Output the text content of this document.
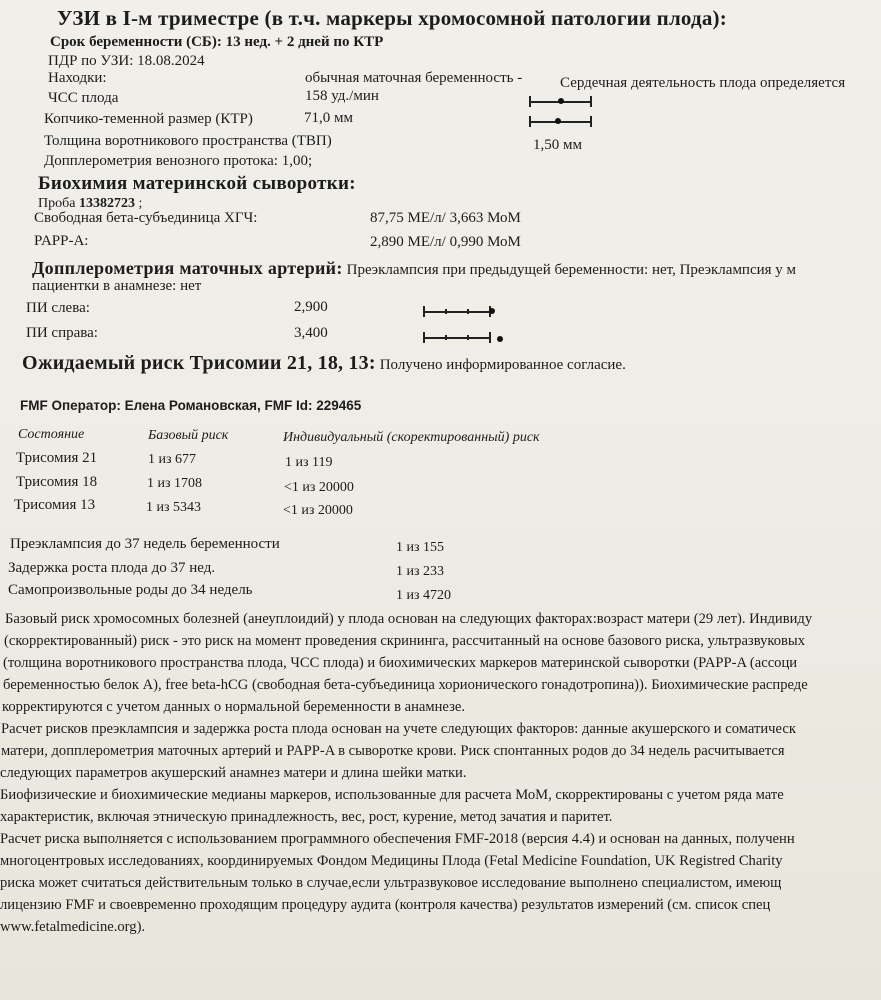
УЗИ в I-м триместре (в т.ч. маркеры хромосомной патологии плода):
Срок беременности (СБ): 13 нед. + 2 дней по КТР
ПДР по УЗИ: 18.08.2024
Находки:	обычная маточная беременность -	Сердечная деятельность плода определяется
ЧСС плода	158 уд./мин
Копчико-теменной размер (КТР)	71,0 мм
Толщина воротникового пространства (ТВП)	1,50 мм
Допплерометрия венозного протока: 1,00;
Биохимия материнской сыворотки:
Проба 13382723 ;
Свободная бета-субъединица ХГЧ:	87,75 МЕ/л/ 3,663 МоМ
PAPP-A:	2,890 МЕ/л/ 0,990 МоМ
Допплерометрия маточных артерий: Преэклампсия при предыдущей беременности: нет, Преэклампсия у м
пациентки в анамнезе: нет
ПИ слева:	2,900
ПИ справа:	3,400
Ожидаемый риск Трисомии 21, 18, 13: Получено информированное согласие.
FMF Оператор: Елена Романовская, FMF Id: 229465
Состояние	Базовый риск	Индивидуальный (скоректированный) риск
Трисомия 21	1 из 677	1 из 119
Трисомия 18	1 из 1708	<1 из 20000
Трисомия 13	1 из 5343	<1 из 20000
Преэклампсия до 37 недель беременности	1 из 155
Задержка роста плода до 37 нед.	1 из 233
Самопроизвольные роды до 34 недель	1 из 4720
Базовый риск хромосомных болезней (анеуплоидий) у плода основан на следующих факторах:возраст матери (29 лет). Индивиду
(скорректированный) риск - это риск на момент проведения скрининга, рассчитанный на основе базового риска, ультразвуковых
(толщина воротникового пространства плода, ЧСС плода) и биохимических маркеров материнской сыворотки (PAPP-A (ассоци
беременностью белок А), free beta-hCG (свободная бета-субъединица хорионического гонадотропина)). Биохимические распреде
корректируются с учетом данных о нормальной беременности в анамнезе.
Расчет рисков преэклампсия и задержка роста плода основан на учете следующих факторов: данные акушерского и соматическ
матери, допплерометрия маточных артерий и PAPP-A в сыворотке крови. Риск спонтанных родов до 34 недель расчитывается
следующих параметров акушерский анамнез матери и длина шейки матки.
Биофизические и биохимические медианы маркеров, использованные для расчета МоМ, скорректированы с учетом ряда мате
характеристик, включая этническую принадлежность, вес, рост, курение, метод зачатия и паритет.
Расчет риска выполняется с использованием программного обеспечения FMF-2018 (версия 4.4) и основан на данных, полученн
многоцентровых исследованиях, координируемых Фондом Медицины Плода (Fetal Medicine Foundation, UK Registred Charity
риска может считаться действительным только в случае,если ультразвуковое исследование выполнено специалистом, имеющ
лицензию FMF и своевременно проходящим процедуру аудита (контроля качества) результатов измерений (см. список спец
www.fetalmedicine.org).
